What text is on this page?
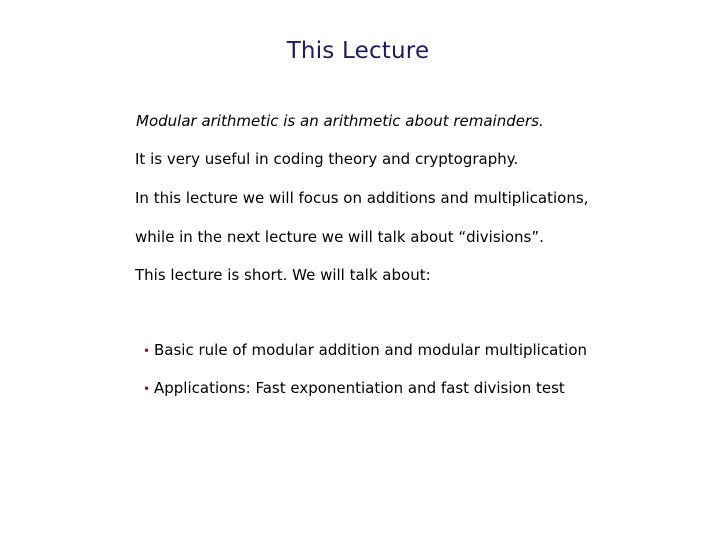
This Lecture

Modular arithmetic is an arithmetic about remainders.

It is very useful in coding theory and cryptography.

In this lecture we will focus on additions and multiplications,

while in the next lecture we will talk about “divisions”.

This lecture is short. We will talk about:

• Basic rule of modular addition and modular multiplication
• Applications: Fast exponentiation and fast division test
